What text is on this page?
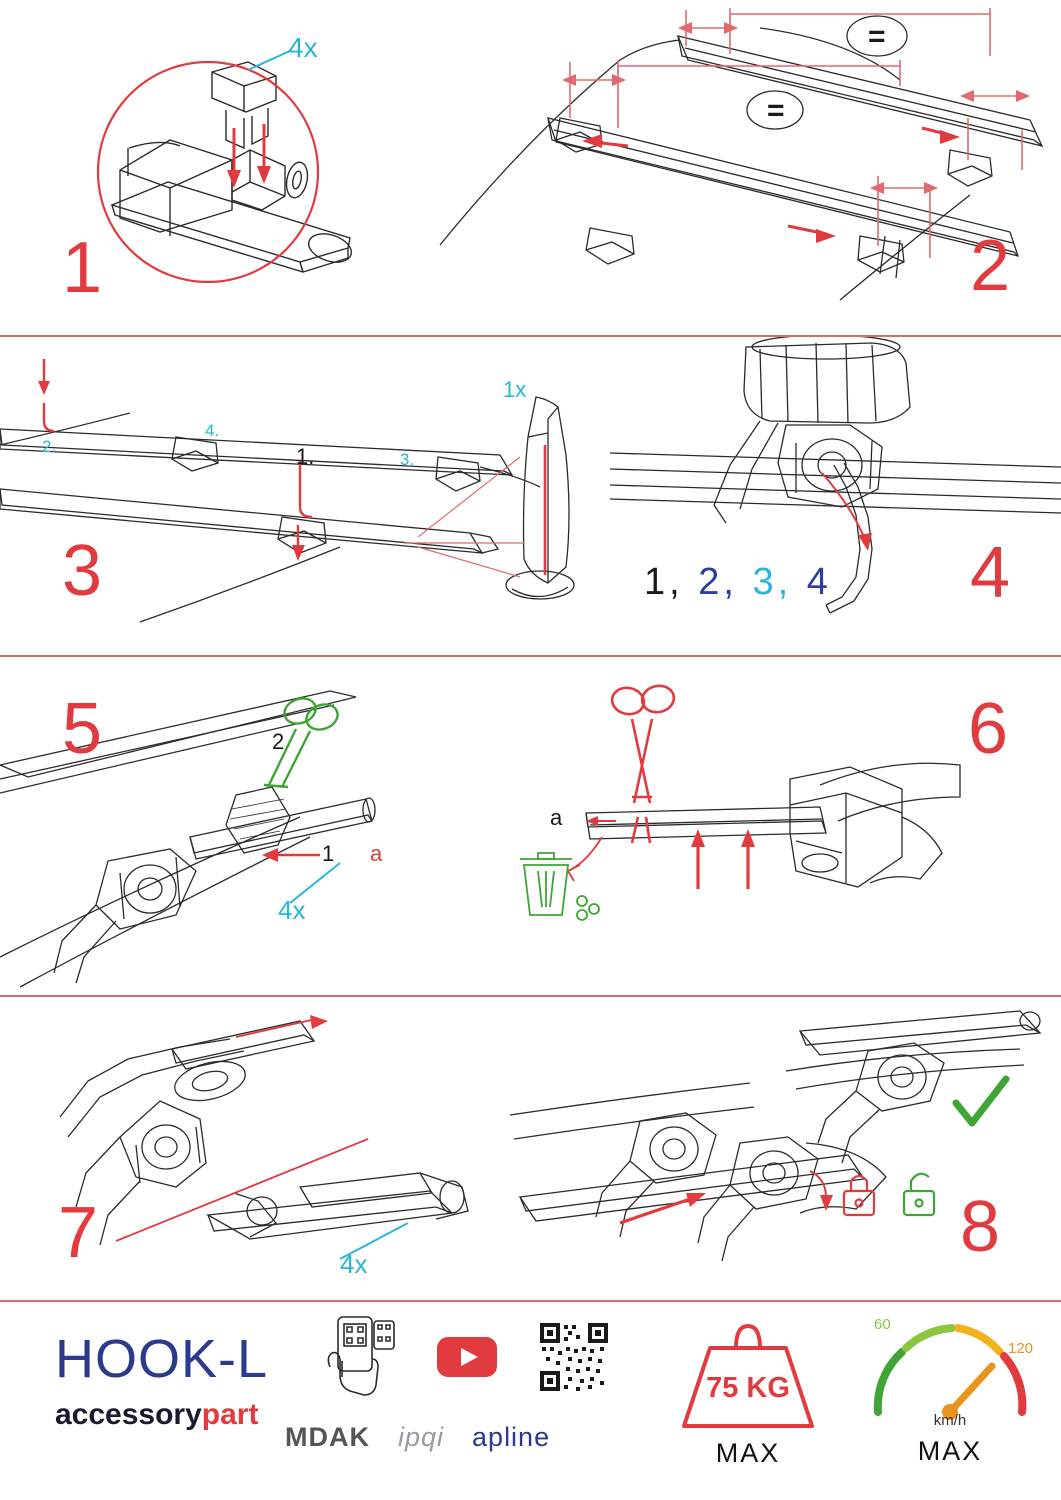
4x
1
=
=
2
1.
2.
3.
4.
1x
3	1, 2, 3, 4 4
5
1
2
a
4x
a
6
7	4x	8
HOOK-L
accessorypart
MDAK ipqi apline
75 KG
MAX
60
120
km/h
MAX
